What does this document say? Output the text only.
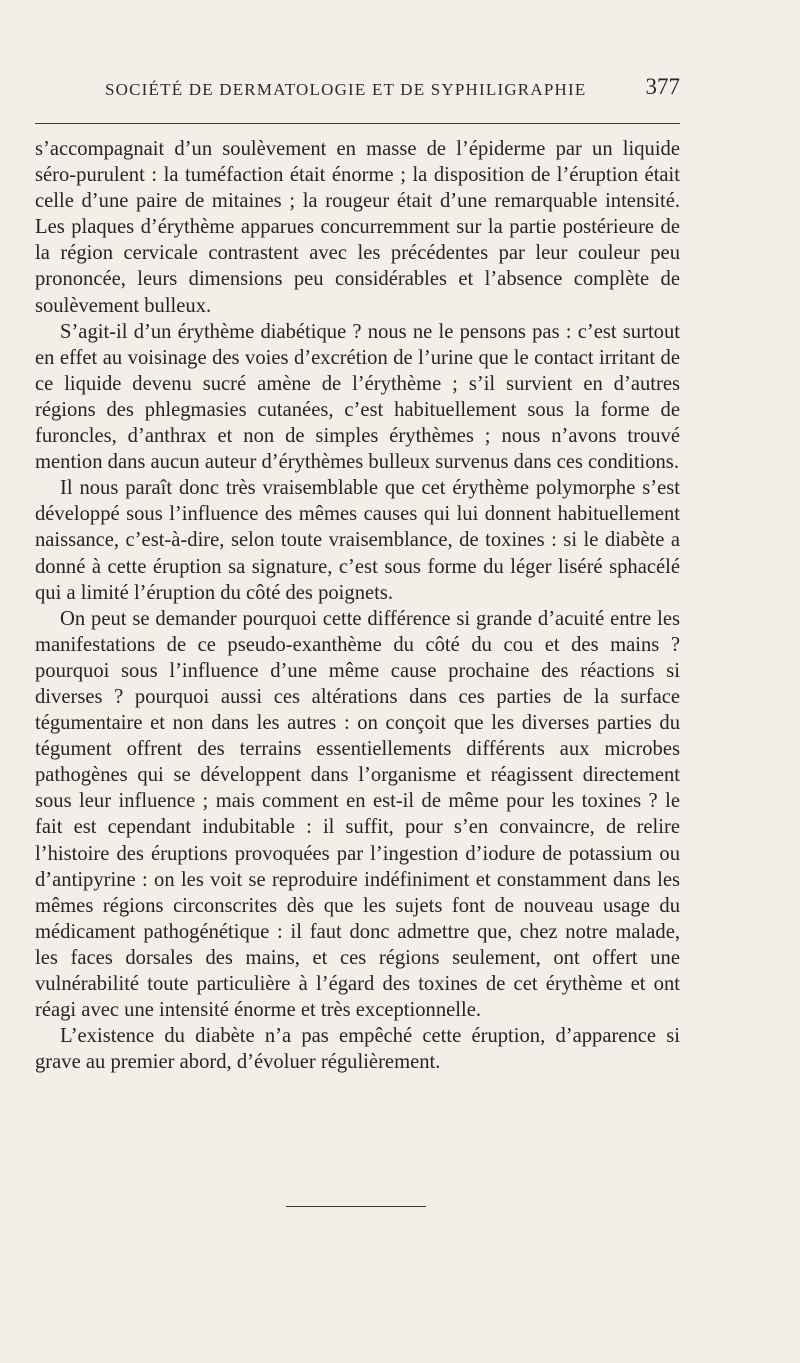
SOCIÉTÉ DE DERMATOLOGIE ET DE SYPHILIGRAPHIE	377

s’accompagnait d’un soulèvement en masse de l’épiderme par un liquide séro-purulent : la tuméfaction était énorme ; la disposition de l’éruption était celle d’une paire de mitaines ; la rougeur était d’une remarquable intensité. Les plaques d’érythème apparues concurremment sur la partie postérieure de la région cervicale contrastent avec les précédentes par leur couleur peu prononcée, leurs dimensions peu considérables et l’absence complète de soulèvement bulleux.

S’agit-il d’un érythème diabétique ? nous ne le pensons pas : c’est surtout en effet au voisinage des voies d’excrétion de l’urine que le contact irritant de ce liquide devenu sucré amène de l’érythème ; s’il survient en d’autres régions des phlegmasies cutanées, c’est habituellement sous la forme de furoncles, d’anthrax et non de simples érythèmes ; nous n’avons trouvé mention dans aucun auteur d’érythèmes bulleux survenus dans ces conditions.

Il nous paraît donc très vraisemblable que cet érythème polymorphe s’est développé sous l’influence des mêmes causes qui lui donnent habituellement naissance, c’est-à-dire, selon toute vraisemblance, de toxines : si le diabète a donné à cette éruption sa signature, c’est sous forme du léger liséré sphacélé qui a limité l’éruption du côté des poignets.

On peut se demander pourquoi cette différence si grande d’acuité entre les manifestations de ce pseudo-exanthème du côté du cou et des mains ? pourquoi sous l’influence d’une même cause prochaine des réactions si diverses ? pourquoi aussi ces altérations dans ces parties de la surface tégumentaire et non dans les autres : on conçoit que les diverses parties du tégument offrent des terrains essentiellements différents aux microbes pathogènes qui se développent dans l’organisme et réagissent directement sous leur influence ; mais comment en est-il de même pour les toxines ? le fait est cependant indubitable : il suffit, pour s’en convaincre, de relire l’histoire des éruptions provoquées par l’ingestion d’iodure de potassium ou d’antipyrine : on les voit se reproduire indéfiniment et constamment dans les mêmes régions circonscrites dès que les sujets font de nouveau usage du médicament pathogénétique : il faut donc admettre que, chez notre malade, les faces dorsales des mains, et ces régions seulement, ont offert une vulnérabilité toute particulière à l’égard des toxines de cet érythème et ont réagi avec une intensité énorme et très exceptionnelle.

L’existence du diabète n’a pas empêché cette éruption, d’apparence si grave au premier abord, d’évoluer régulièrement.
